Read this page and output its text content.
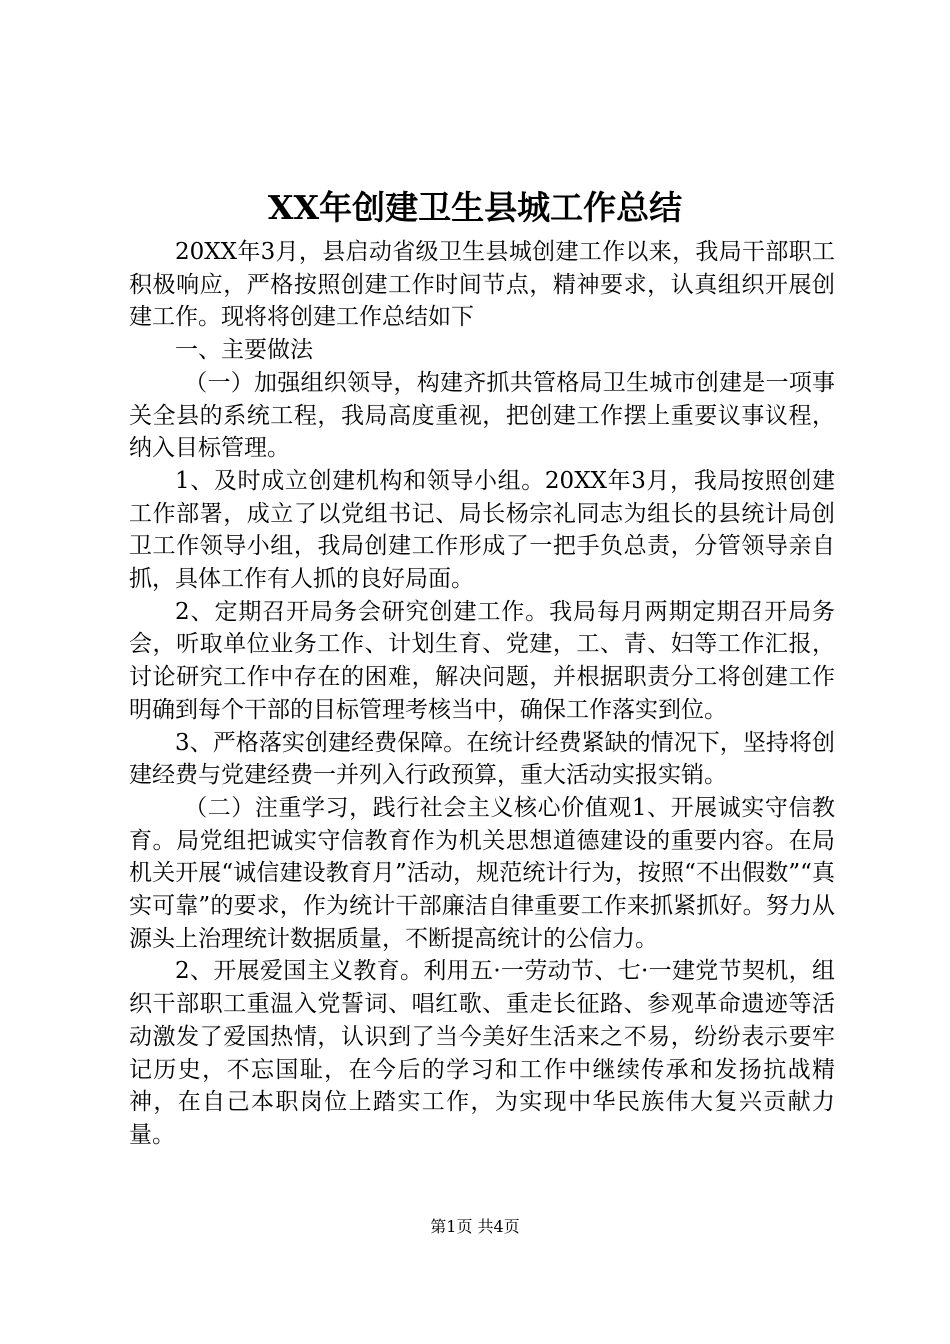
XX年创建卫生县城工作总结

20XX年3月，县启动省级卫生县城创建工作以来，我局干部职工积极响应，严格按照创建工作时间节点，精神要求，认真组织开展创建工作。现将将创建工作总结如下

一、主要做法

（一）加强组织领导，构建齐抓共管格局卫生城市创建是一项事关全县的系统工程，我局高度重视，把创建工作摆上重要议事议程，纳入目标管理。

1、及时成立创建机构和领导小组。20XX年3月，我局按照创建工作部署，成立了以党组书记、局长杨宗礼同志为组长的县统计局创卫工作领导小组，我局创建工作形成了一把手负总责，分管领导亲自抓，具体工作有人抓的良好局面。

2、定期召开局务会研究创建工作。我局每月两期定期召开局务会，听取单位业务工作、计划生育、党建，工、青、妇等工作汇报，讨论研究工作中存在的困难，解决问题，并根据职责分工将创建工作明确到每个干部的目标管理考核当中，确保工作落实到位。

3、严格落实创建经费保障。在统计经费紧缺的情况下，坚持将创建经费与党建经费一并列入行政预算，重大活动实报实销。

（二）注重学习，践行社会主义核心价值观1、开展诚实守信教育。局党组把诚实守信教育作为机关思想道德建设的重要内容。在局机关开展“诚信建设教育月”活动，规范统计行为，按照“不出假数”“真实可靠”的要求，作为统计干部廉洁自律重要工作来抓紧抓好。努力从源头上治理统计数据质量，不断提高统计的公信力。

2、开展爱国主义教育。利用五·一劳动节、七·一建党节契机，组织干部职工重温入党誓词、唱红歌、重走长征路、参观革命遗迹等活动激发了爱国热情，认识到了当今美好生活来之不易，纷纷表示要牢记历史，不忘国耻，在今后的学习和工作中继续传承和发扬抗战精神，在自己本职岗位上踏实工作，为实现中华民族伟大复兴贡献力量。

第1页 共4页
